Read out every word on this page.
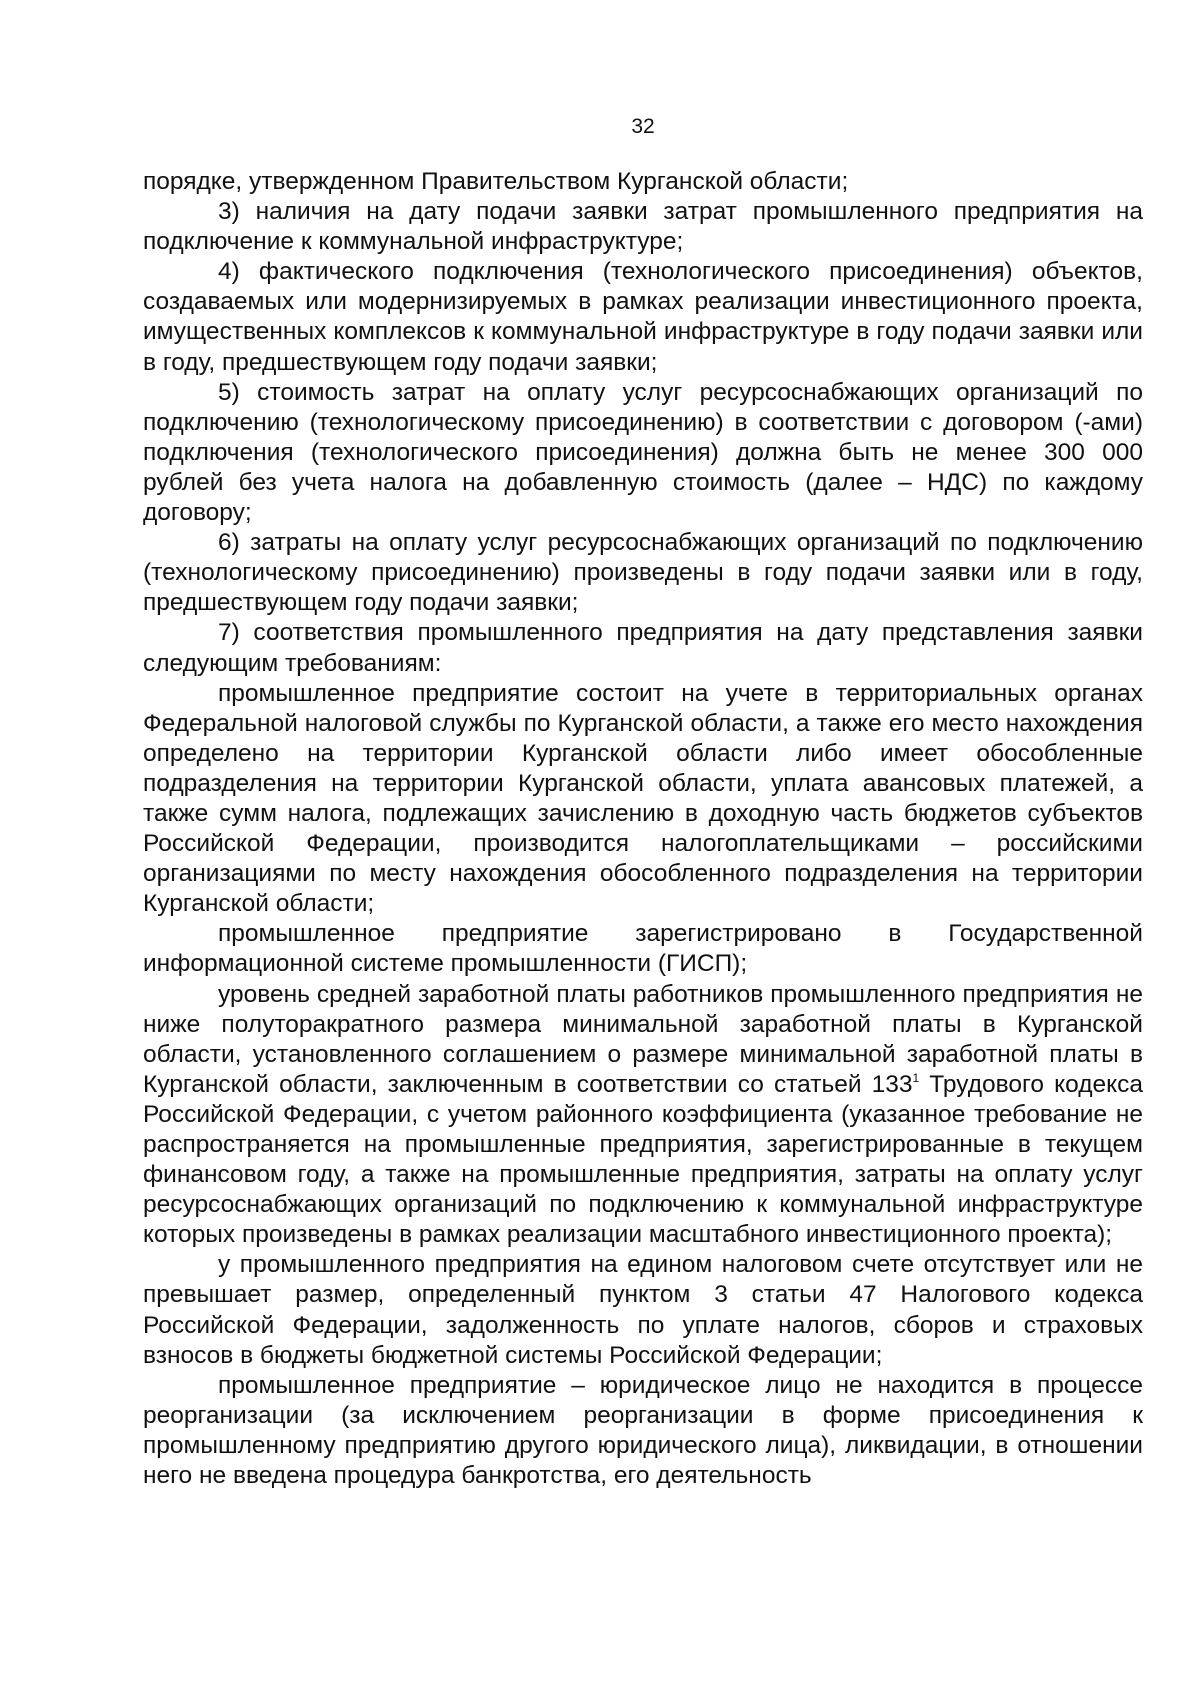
32

порядке, утвержденном Правительством Курганской области;

3) наличия на дату подачи заявки затрат промышленного предприятия на подключение к коммунальной инфраструктуре;

4) фактического подключения (технологического присоединения) объектов, создаваемых или модернизируемых в рамках реализации инвестиционного проекта, имущественных комплексов к коммунальной инфраструктуре в году подачи заявки или в году, предшествующем году подачи заявки;

5) стоимость затрат на оплату услуг ресурсоснабжающих организаций по подключению (технологическому присоединению) в соответствии с договором (-ами) подключения (технологического присоединения) должна быть не менее 300 000 рублей без учета налога на добавленную стоимость (далее – НДС) по каждому договору;

6) затраты на оплату услуг ресурсоснабжающих организаций по подключению (технологическому присоединению) произведены в году подачи заявки или в году, предшествующем году подачи заявки;

7) соответствия промышленного предприятия на дату представления заявки следующим требованиям:

промышленное предприятие состоит на учете в территориальных органах Федеральной налоговой службы по Курганской области, а также его место нахождения определено на территории Курганской области либо имеет обособленные подразделения на территории Курганской области, уплата авансовых платежей, а также сумм налога, подлежащих зачислению в доходную часть бюджетов субъектов Российской Федерации, производится налогоплательщиками – российскими организациями по месту нахождения обособленного подразделения на территории Курганской области;

промышленное предприятие зарегистрировано в Государственной информационной системе промышленности (ГИСП);

уровень средней заработной платы работников промышленного предприятия не ниже полуторакратного размера минимальной заработной платы в Курганской области, установленного соглашением о размере минимальной заработной платы в Курганской области, заключенным в соответствии со статьей $133^1$ Трудового кодекса Российской Федерации, с учетом районного коэффициента (указанное требование не распространяется на промышленные предприятия, зарегистрированные в текущем финансовом году, а также на промышленные предприятия, затраты на оплату услуг ресурсоснабжающих организаций по подключению к коммунальной инфраструктуре которых произведены в рамках реализации масштабного инвестиционного проекта);

у промышленного предприятия на едином налоговом счете отсутствует или не превышает размер, определенный пунктом 3 статьи 47 Налогового кодекса Российской Федерации, задолженность по уплате налогов, сборов и страховых взносов в бюджеты бюджетной системы Российской Федерации;

промышленное предприятие – юридическое лицо не находится в процессе реорганизации (за исключением реорганизации в форме присоединения к промышленному предприятию другого юридического лица), ликвидации, в отношении него не введена процедура банкротства, его деятельность
